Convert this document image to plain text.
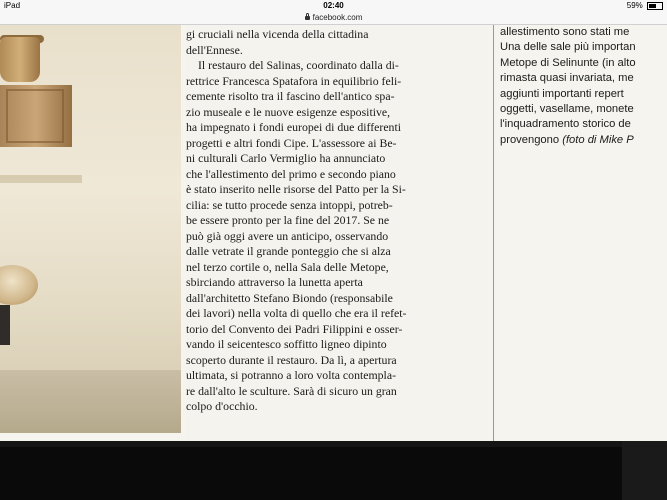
iPad	02:40	59%
facebook.com

gi cruciali nella vicenda della cittadina

dell'Ennese.

Il restauro del Salinas, coordinato dalla di-

rettrice Francesca Spatafora in equilibrio feli-

cemente risolto tra il fascino dell'antico spa-

zio museale e le nuove esigenze espositive,

ha impegnato i fondi europei di due differenti

progetti e altri fondi Cipe. L'assessore ai Be-

ni culturali Carlo Vermiglio ha annunciato

che l'allestimento del primo e secondo piano

è stato inserito nelle risorse del Patto per la Si-

cilia: se tutto procede senza intoppi, potreb-

be essere pronto per la fine del 2017. Se ne

può già oggi avere un anticipo, osservando

dalle vetrate il grande ponteggio che si alza

nel terzo cortile o, nella Sala delle Metope,

sbirciando attraverso la lunetta aperta

dall'architetto Stefano Biondo (responsabile

dei lavori) nella volta di quello che era il refet-

torio del Convento dei Padri Filippini e osser-

vando il seicentesco soffitto ligneo dipinto

scoperto durante il restauro. Da lì, a apertura

ultimata, si potranno a loro volta contempla-

re dall'alto le sculture. Sarà di sicuro un gran

colpo d'occhio.

allestimento sono stati me

Una delle sale più importan

Metope di Selinunte (in alto

rimasta quasi invariata, me

aggiunti importanti repert

oggetti, vasellame, monete

l'inquadramento storico de

provengono (foto di Mike P
